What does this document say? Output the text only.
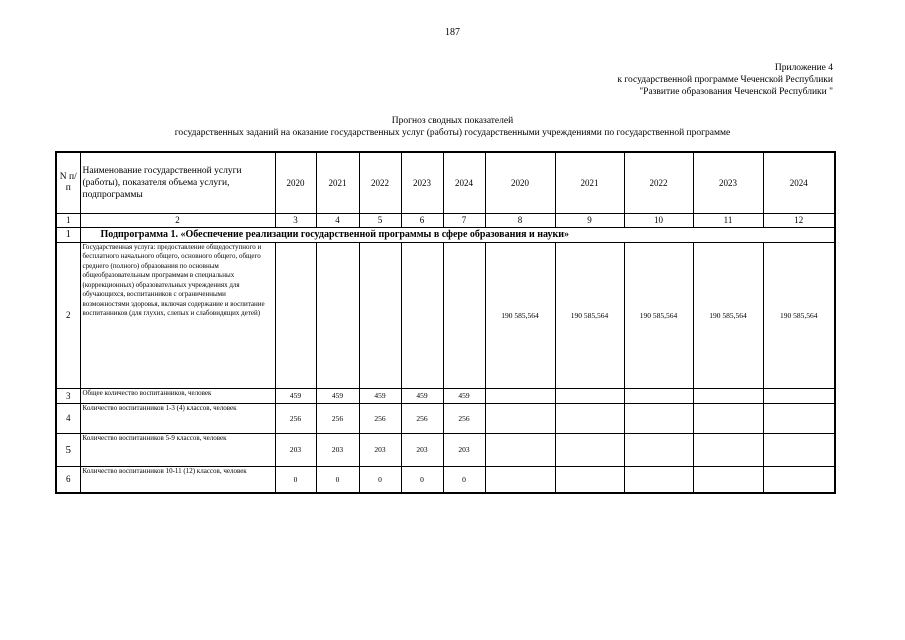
187
Приложение 4
к государственной программе Чеченской Республики
"Развитие образования Чеченской Республики "
Прогноз сводных показателей
государственных заданий на оказание государственных услуг (работы) государственными учреждениями по государственной программе
N п/п	Наименование государственной услуги (работы), показателя объема услуги, подпрограммы	2020	2021	2022	2023	2024	2020	2021	2022	2023	2024
1	2	3	4	5	6	7	8	9	10	11	12
1	Подпрограмма 1. «Обеспечение реализации государственной программы в сфере образования и науки»										
2	Государственная услуга: предоставление общедоступного и бесплатного начального общего, основного общего, общего среднего (полного) образования по основным общеобразовательным программам в специальных (коррекционных) образовательных учреждениях для обучающихся, воспитанников с ограниченными возможностями здоровья, включая содержание и воспитание воспитанников (для глухих, слепых и слабовидящих детей)						190 585,564	190 585,564	190 585,564	190 585,564	190 585,564
3	Общее количество воспитанников, человек	459	459	459	459	459					
4	Количество воспитанников 1-3 (4) классов, человек	256	256	256	256	256					
5	Количество воспитанников 5-9 классов, человек	203	203	203	203	203					
6	Количество воспитанников 10-11 (12) классов, человек	0	0	0	0	0					
